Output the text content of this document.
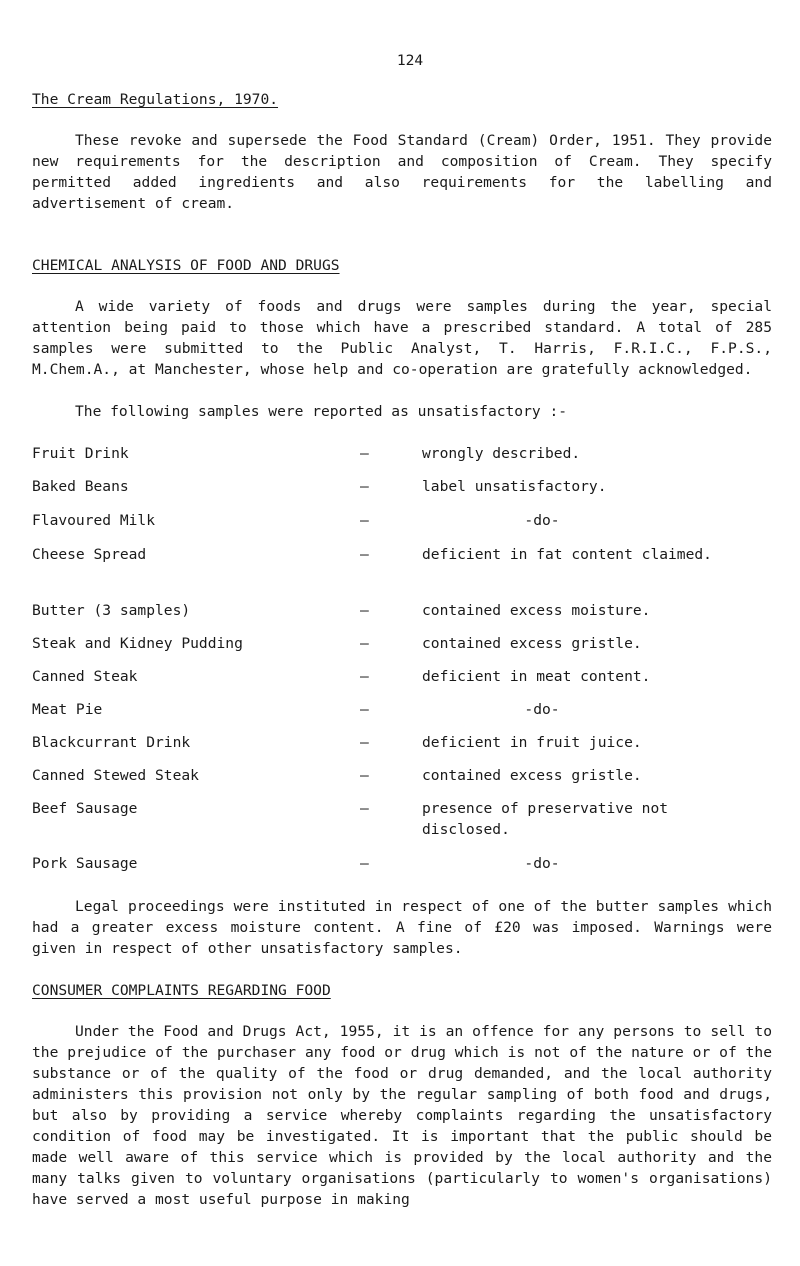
124
The Cream Regulations, 1970.

These revoke and supersede the Food Standard (Cream) Order, 1951. They provide new requirements for the description and composition of Cream. They specify permitted added ingredients and also requirements for the labelling and advertisement of cream.

CHEMICAL ANALYSIS OF FOOD AND DRUGS

A wide variety of foods and drugs were samples during the year, special attention being paid to those which have a prescribed standard. A total of 285 samples were submitted to the Public Analyst, T. Harris, F.R.I.C., F.P.S., M.Chem.A., at Manchester, whose help and co-operation are gratefully acknowledged.

The following samples were reported as unsatisfactory :-
Fruit Drink	–	wrongly described.
Baked Beans	–	label unsatisfactory.
Flavoured Milk	–	-do-
Cheese Spread	–	deficient in fat content claimed.
Butter (3 samples)	–	contained excess moisture.
Steak and Kidney Pudding	–	contained excess gristle.
Canned Steak	–	deficient in meat content.
Meat Pie	–	-do-
Blackcurrant Drink	–	deficient in fruit juice.
Canned Stewed Steak	–	contained excess gristle.
Beef Sausage	–	presence of preservative not disclosed.
Pork Sausage	–	-do-

Legal proceedings were instituted in respect of one of the butter samples which had a greater excess moisture content. A fine of £20 was imposed. Warnings were given in respect of other unsatisfactory samples.

CONSUMER COMPLAINTS REGARDING FOOD

Under the Food and Drugs Act, 1955, it is an offence for any persons to sell to the prejudice of the purchaser any food or drug which is not of the nature or of the substance or of the quality of the food or drug demanded, and the local authority administers this provision not only by the regular sampling of both food and drugs, but also by providing a service whereby complaints regarding the unsatisfactory condition of food may be investigated. It is important that the public should be made well aware of this service which is provided by the local authority and the many talks given to voluntary organisations (particularly to women's organisations) have served a most useful purpose in making
